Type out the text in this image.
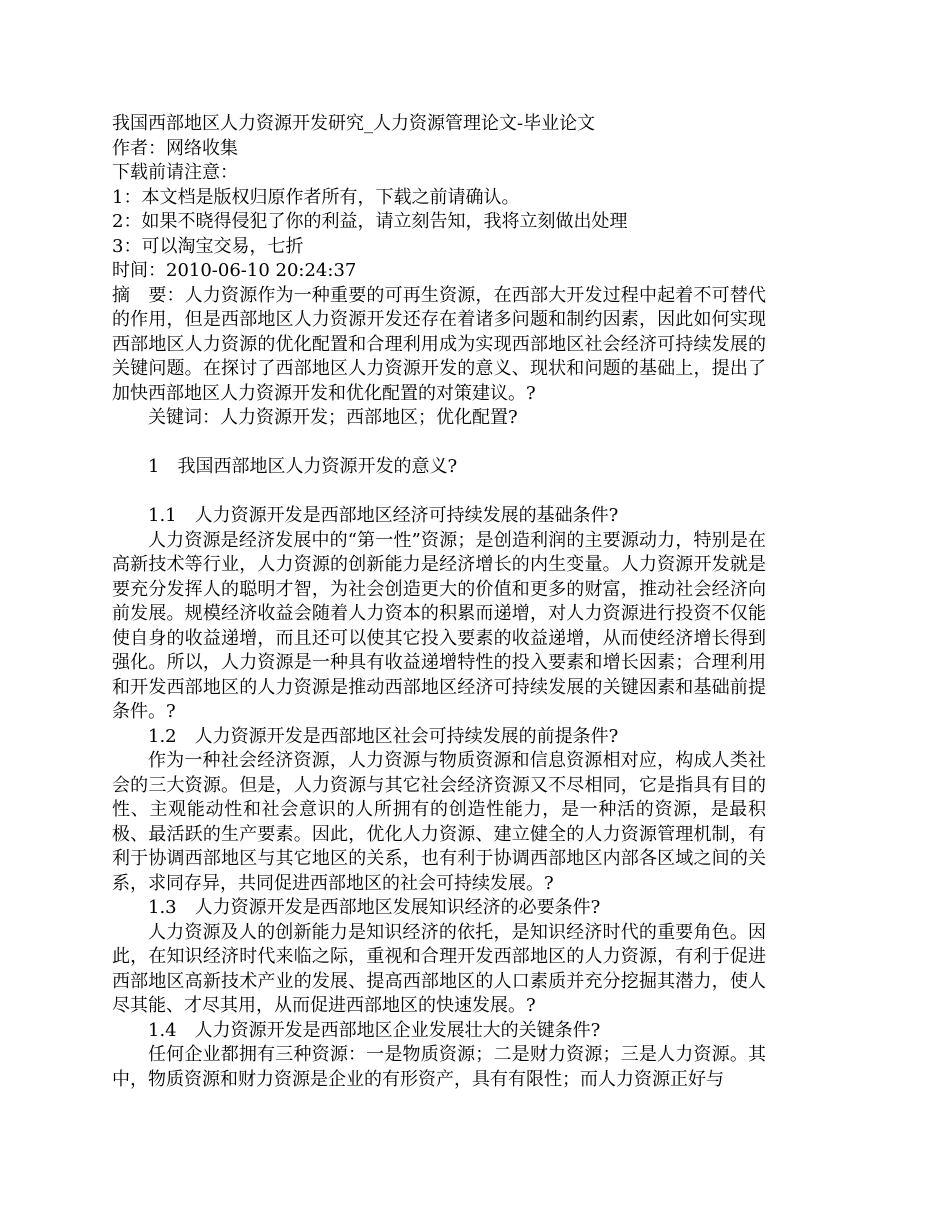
我国西部地区人力资源开发研究_人力资源管理论文-毕业论文
作者：网络收集
下载前请注意：
1：本文档是版权归原作者所有，下载之前请确认。
2：如果不晓得侵犯了你的利益，请立刻告知，我将立刻做出处理
3：可以淘宝交易，七折
时间：2010-06-10 20:24:37
摘　要：人力资源作为一种重要的可再生资源，在西部大开发过程中起着不可替代的作用，但是西部地区人力资源开发还存在着诸多问题和制约因素，因此如何实现西部地区人力资源的优化配置和合理利用成为实现西部地区社会经济可持续发展的关键问题。在探讨了西部地区人力资源开发的意义、现状和问题的基础上，提出了加快西部地区人力资源开发和优化配置的对策建议。?
关键词：人力资源开发；西部地区；优化配置?
1　我国西部地区人力资源开发的意义?
1.1　人力资源开发是西部地区经济可持续发展的基础条件?
人力资源是经济发展中的“第一性”资源；是创造利润的主要源动力，特别是在高新技术等行业，人力资源的创新能力是经济增长的内生变量。人力资源开发就是要充分发挥人的聪明才智，为社会创造更大的价值和更多的财富，推动社会经济向前发展。规模经济收益会随着人力资本的积累而递增，对人力资源进行投资不仅能使自身的收益递增，而且还可以使其它投入要素的收益递增，从而使经济增长得到强化。所以，人力资源是一种具有收益递增特性的投入要素和增长因素；合理利用和开发西部地区的人力资源是推动西部地区经济可持续发展的关键因素和基础前提条件。?
1.2　人力资源开发是西部地区社会可持续发展的前提条件?
作为一种社会经济资源，人力资源与物质资源和信息资源相对应，构成人类社会的三大资源。但是，人力资源与其它社会经济资源又不尽相同，它是指具有目的性、主观能动性和社会意识的人所拥有的创造性能力，是一种活的资源，是最积极、最活跃的生产要素。因此，优化人力资源、建立健全的人力资源管理机制，有利于协调西部地区与其它地区的关系，也有利于协调西部地区内部各区域之间的关系，求同存异，共同促进西部地区的社会可持续发展。?
1.3　人力资源开发是西部地区发展知识经济的必要条件?
人力资源及人的创新能力是知识经济的依托，是知识经济时代的重要角色。因此，在知识经济时代来临之际，重视和合理开发西部地区的人力资源，有利于促进西部地区高新技术产业的发展、提高西部地区的人口素质并充分挖掘其潜力，使人尽其能、才尽其用，从而促进西部地区的快速发展。?
1.4　人力资源开发是西部地区企业发展壮大的关键条件?
任何企业都拥有三种资源：一是物质资源；二是财力资源；三是人力资源。其中，物质资源和财力资源是企业的有形资产，具有有限性；而人力资源正好与
